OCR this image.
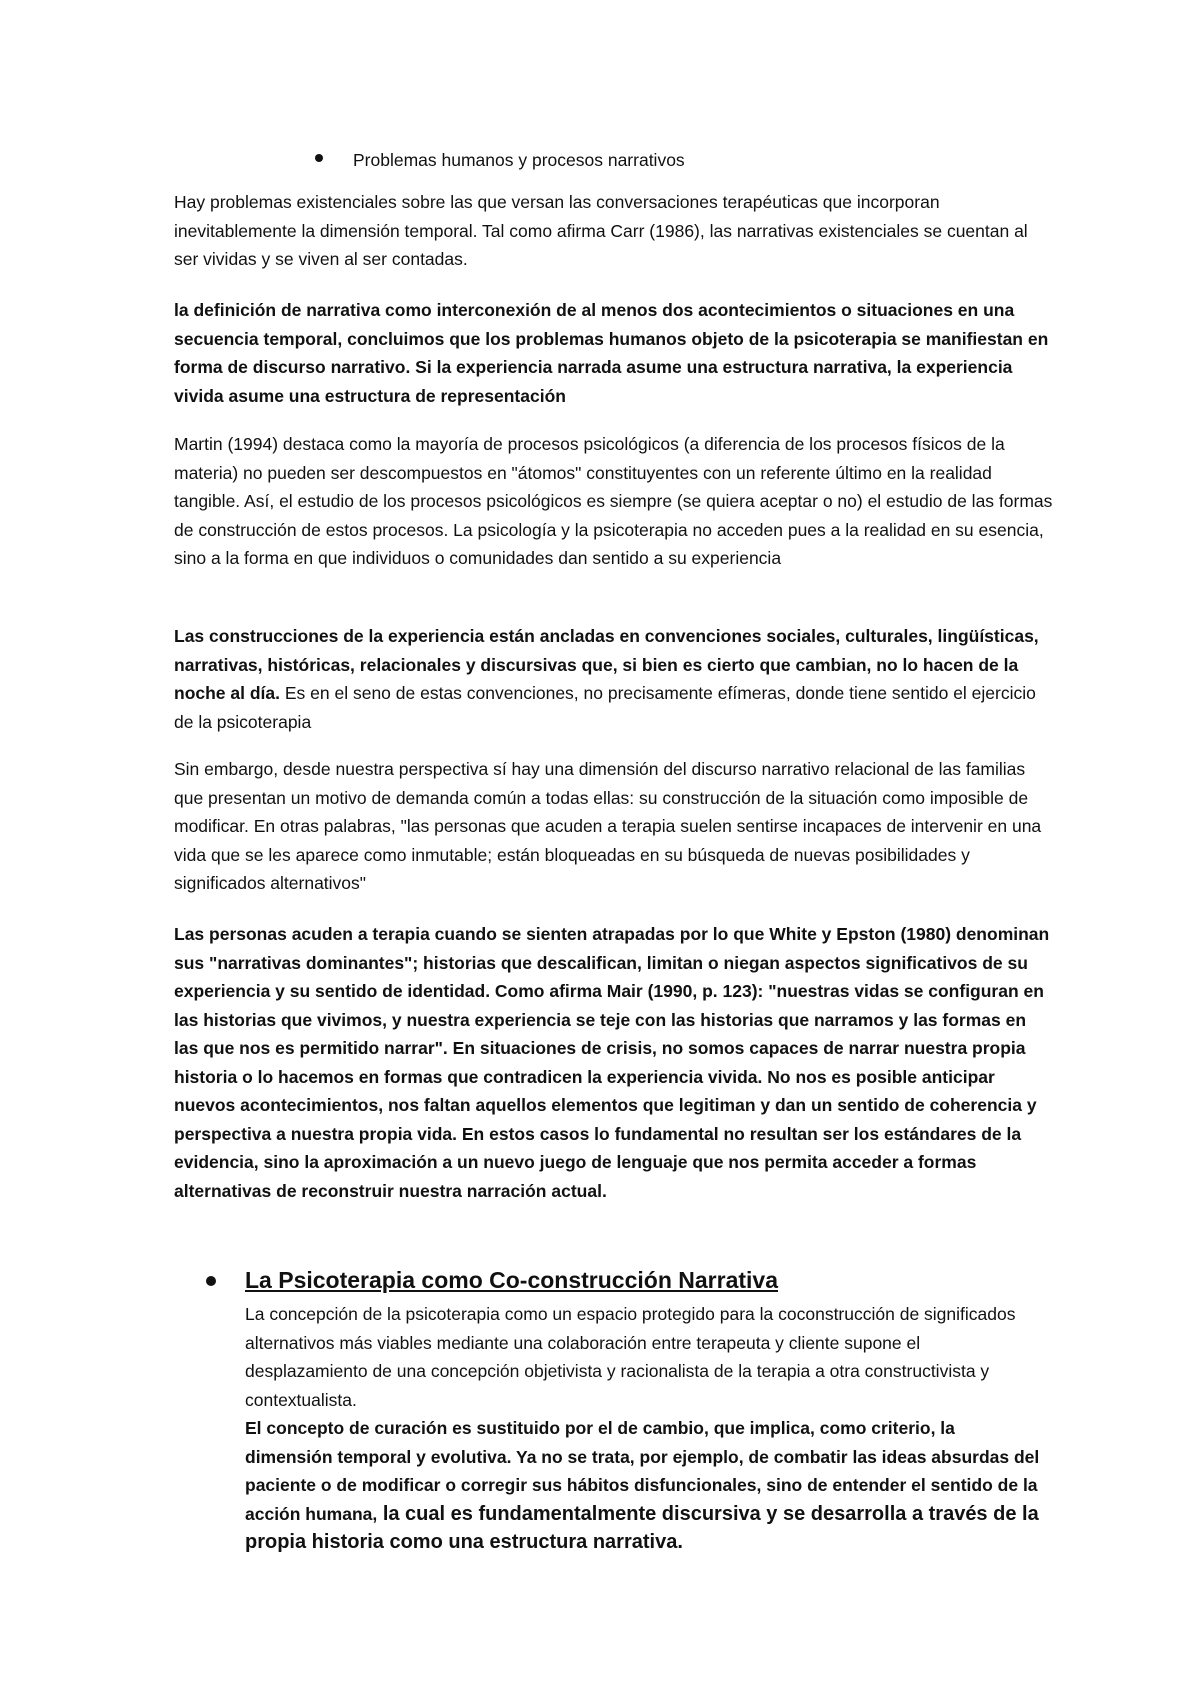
Problemas humanos y procesos narrativos

Hay problemas existenciales sobre las que versan las conversaciones terapéuticas que incorporan inevitablemente la dimensión temporal. Tal como afirma Carr (1986), las narrativas existenciales se cuentan al ser vividas y se viven al ser contadas.

la definición de narrativa como interconexión de al menos dos acontecimientos o situaciones en una secuencia temporal, concluimos que los problemas humanos objeto de la psicoterapia se manifiestan en forma de discurso narrativo. Si la experiencia narrada asume una estructura narrativa, la experiencia vivida asume una estructura de representación

Martin (1994) destaca como la mayoría de procesos psicológicos (a diferencia de los procesos físicos de la materia) no pueden ser descompuestos en "átomos" constituyentes con un referente último en la realidad tangible. Así, el estudio de los procesos psicológicos es siempre (se quiera aceptar o no) el estudio de las formas de construcción de estos procesos. La psicología y la psicoterapia no acceden pues a la realidad en su esencia, sino a la forma en que individuos o comunidades dan sentido a su experiencia

Las construcciones de la experiencia están ancladas en convenciones sociales, culturales, lingüísticas, narrativas, históricas, relacionales y discursivas que, si bien es cierto que cambian, no lo hacen de la noche al día. Es en el seno de estas convenciones, no precisamente efímeras, donde tiene sentido el ejercicio de la psicoterapia

Sin embargo, desde nuestra perspectiva sí hay una dimensión del discurso narrativo relacional de las familias que presentan un motivo de demanda común a todas ellas: su construcción de la situación como imposible de modificar. En otras palabras, "las personas que acuden a terapia suelen sentirse incapaces de intervenir en una vida que se les aparece como inmutable; están bloqueadas en su búsqueda de nuevas posibilidades y significados alternativos"

Las personas acuden a terapia cuando se sienten atrapadas por lo que White y Epston (1980) denominan sus "narrativas dominantes"; historias que descalifican, limitan o niegan aspectos significativos de su experiencia y su sentido de identidad. Como afirma Mair (1990, p. 123): "nuestras vidas se configuran en las historias que vivimos, y nuestra experiencia se teje con las historias que narramos y las formas en las que nos es permitido narrar". En situaciones de crisis, no somos capaces de narrar nuestra propia historia o lo hacemos en formas que contradicen la experiencia vivida. No nos es posible anticipar nuevos acontecimientos, nos faltan aquellos elementos que legitiman y dan un sentido de coherencia y perspectiva a nuestra propia vida. En estos casos lo fundamental no resultan ser los estándares de la evidencia, sino la aproximación a un nuevo juego de lenguaje que nos permita acceder a formas alternativas de reconstruir nuestra narración actual.

La Psicoterapia como Co-construcción Narrativa

La concepción de la psicoterapia como un espacio protegido para la coconstrucción de significados alternativos más viables mediante una colaboración entre terapeuta y cliente supone el desplazamiento de una concepción objetivista y racionalista de la terapia a otra constructivista y contextualista.

El concepto de curación es sustituido por el de cambio, que implica, como criterio, la dimensión temporal y evolutiva. Ya no se trata, por ejemplo, de combatir las ideas absurdas del paciente o de modificar o corregir sus hábitos disfuncionales, sino de entender el sentido de la acción humana, la cual es fundamentalmente discursiva y se desarrolla a través de la propia historia como una estructura narrativa.
